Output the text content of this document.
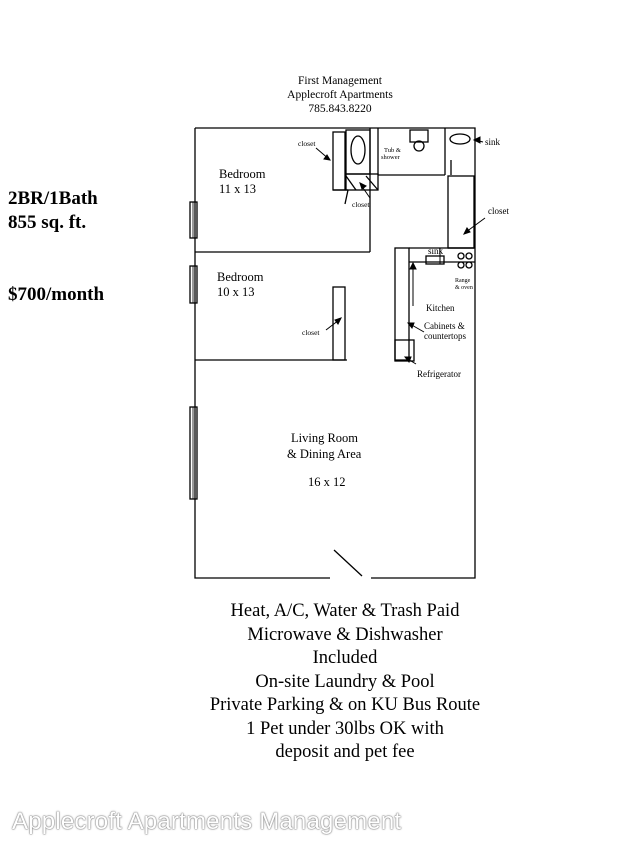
First Management
Applecroft Apartments
785.843.8220
2BR/1Bath
855 sq. ft.
$700/month
Bedroom
11 x 13
Bedroom
10 x 13
Living Room
& Dining Area
16 x 12
closet
Tub &
shower
sink
closet
closet
sink
Range
& oven
Kitchen
Cabinets &
countertops
closet
Refrigerator
Heat, A/C, Water & Trash Paid
Microwave & Dishwasher
Included
On-site Laundry & Pool
Private Parking & on KU Bus Route
1 Pet under 30lbs OK with
deposit and pet fee
Applecroft Apartments Management
